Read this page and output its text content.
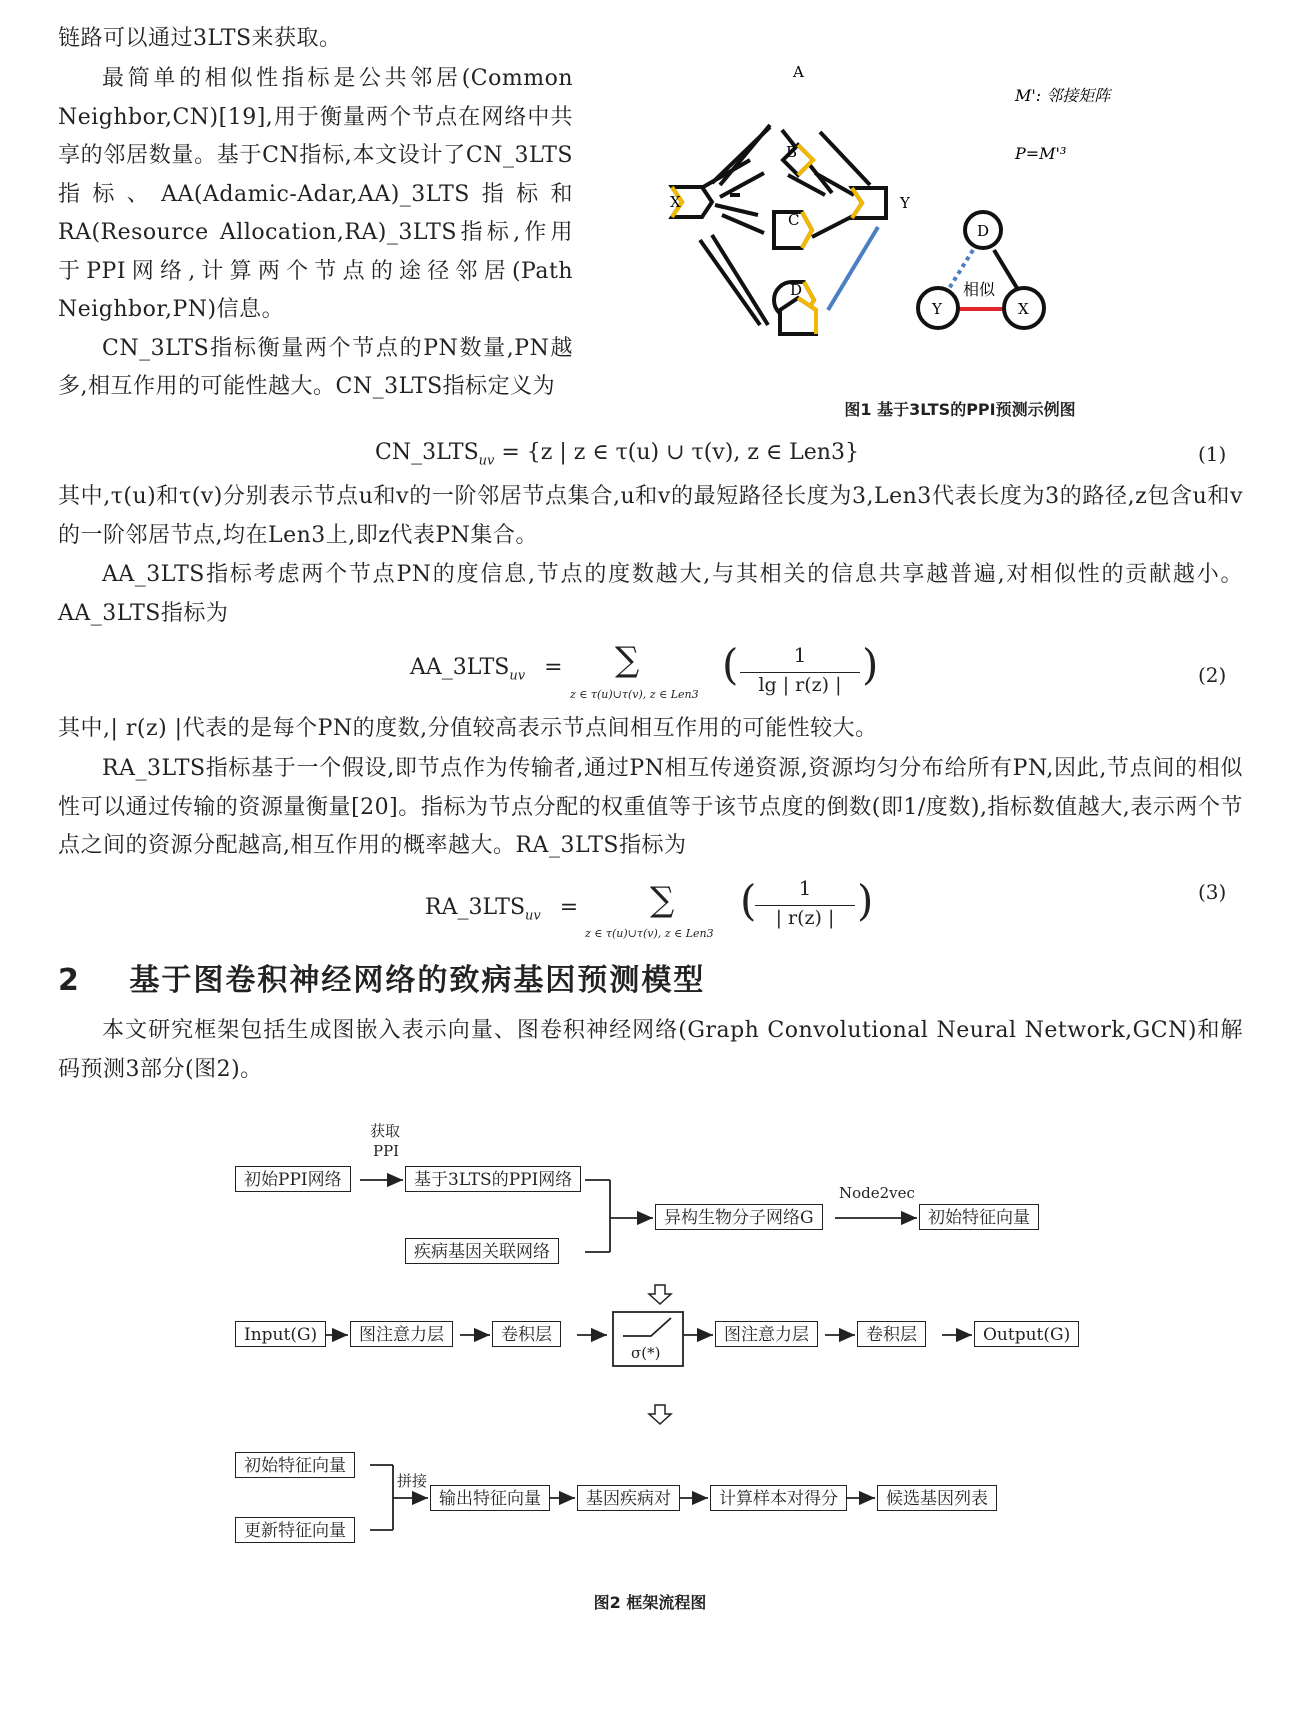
链路可以通过3LTS来获取。

最简单的相似性指标是公共邻居(Common Neighbor,CN)[19],用于衡量两个节点在网络中共享的邻居数量。基于CN指标,本文设计了CN_3LTS指标、AA(Adamic-Adar,AA)_3LTS指标和RA(Resource Allocation,RA)_3LTS指标,作用于PPI网络,计算两个节点的途径邻居(Path Neighbor,PN)信息。

CN_3LTS指标衡量两个节点的PN数量,PN越多,相互作用的可能性越大。CN_3LTS指标定义为

A
B
C
D
X	Y
M': 邻接矩阵
P=M'³
D
Y	X
相似
图1 基于3LTS的PPI预测示例图
$CN\_3LTS_{uv} = \{z$ | z ∈ τ(u) ∪ τ(v), z ∈ Len3}	(1)

其中,τ(u)和τ(v)分别表示节点u和v的一阶邻居节点集合,u和v的最短路径长度为3,Len3代表长度为3的路径,z包含u和v的一阶邻居节点,均在Len3上,即z代表PN集合。

AA_3LTS指标考虑两个节点PN的度信息,节点的度数越大,与其相关的信息共享越普遍,对相似性的贡献越小。AA_3LTS指标为

$AA\_3LTS_{uv}$ = ∑
z ∈ τ(u)∪τ(v), z ∈ Len3
(	1
lg | r(z) | )	(2)

其中,| r(z) |代表的是每个PN的度数,分值较高表示节点间相互作用的可能性较大。

RA_3LTS指标基于一个假设,即节点作为传输者,通过PN相互传递资源,资源均匀分布给所有PN,因此,节点间的相似性可以通过传输的资源量衡量[20]。指标为节点分配的权重值等于该节点度的倒数(即1/度数),指标数值越大,表示两个节点之间的资源分配越高,相互作用的概率越大。RA_3LTS指标为

$RA\_3LTS_{uv}$ = ∑
z ∈ τ(u)∪τ(v), z ∈ Len3
(	1
| r(z) | )	(3)
2 基于图卷积神经网络的致病基因预测模型

本文研究框架包括生成图嵌入表示向量、图卷积神经网络(Graph Convolutional Neural Network,GCN)和解码预测3部分(图2)。

初始PPI网络
获取
PPI
基于3LTS的PPI网络
疾病基因关联网络
异构生物分子网络G
Node2vec
初始特征向量
Input(G)	图注意力层	卷积层
σ(*)
图注意力层	卷积层	Output(G)
初始特征向量
更新特征向量
拼接
输出特征向量	基因疾病对	计算样本对得分	候选基因列表
图2 框架流程图
